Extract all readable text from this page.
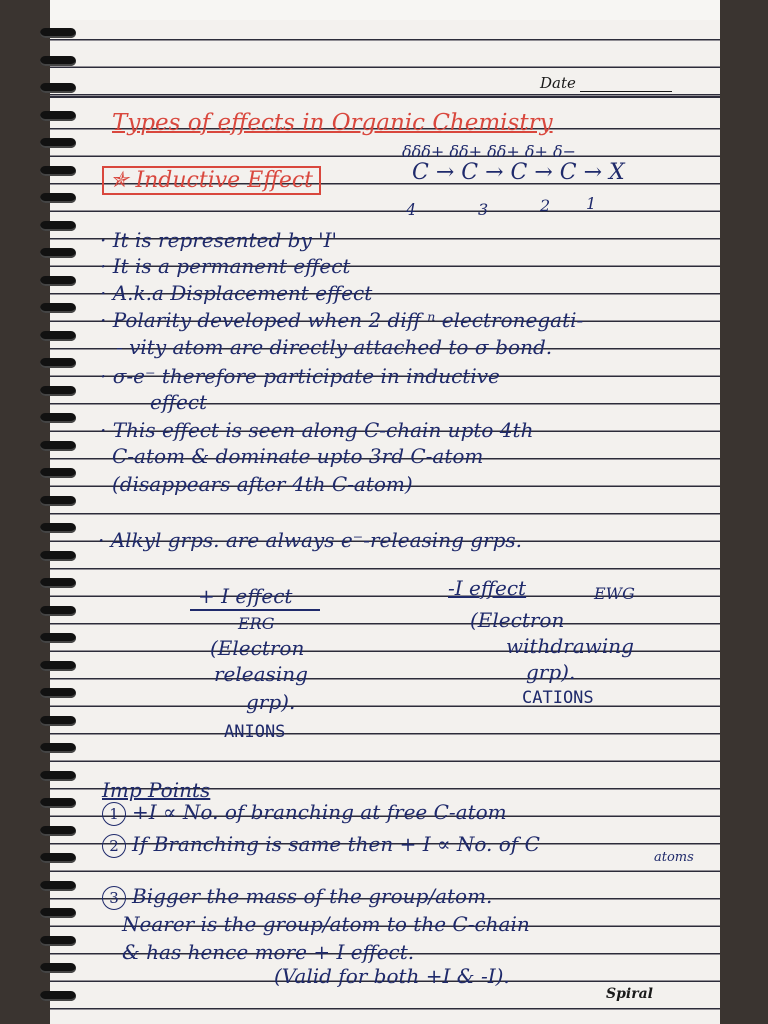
Date
Types of effects in Organic Chemistry
✯ Inductive Effect
δδδ+ δδ+ δδ+ δ+ δ−
C → C → C → C → X
4	3	2 1
· It is represented by 'I'
· It is a permanent effect
· A.k.a Displacement effect
· Polarity developed when 2 diff ⁿ electronegati-
- vity atom are directly attached to σ-bond.
· σ-e⁻ therefore participate in inductive
effect
· This effect is seen along C-chain upto 4th
C-atom & dominate upto 3rd C-atom
(disappears after 4th C-atom)
· Alkyl grps. are always e⁻-releasing grps.
+ I effect
ERG
(Electron
releasing
grp).
ANIONS
-I effect	EWG
(Electron
withdrawing
grp).
CATIONS
Imp Points
1 +I ∝ No. of branching at free C-atom
2 If Branching is same then + I ∝ No. of C
atoms
3 Bigger the mass of the group/atom.
Nearer is the group/atom to the C-chain
& has hence more + I effect.
(Valid for both +I & -I).
Spiral
